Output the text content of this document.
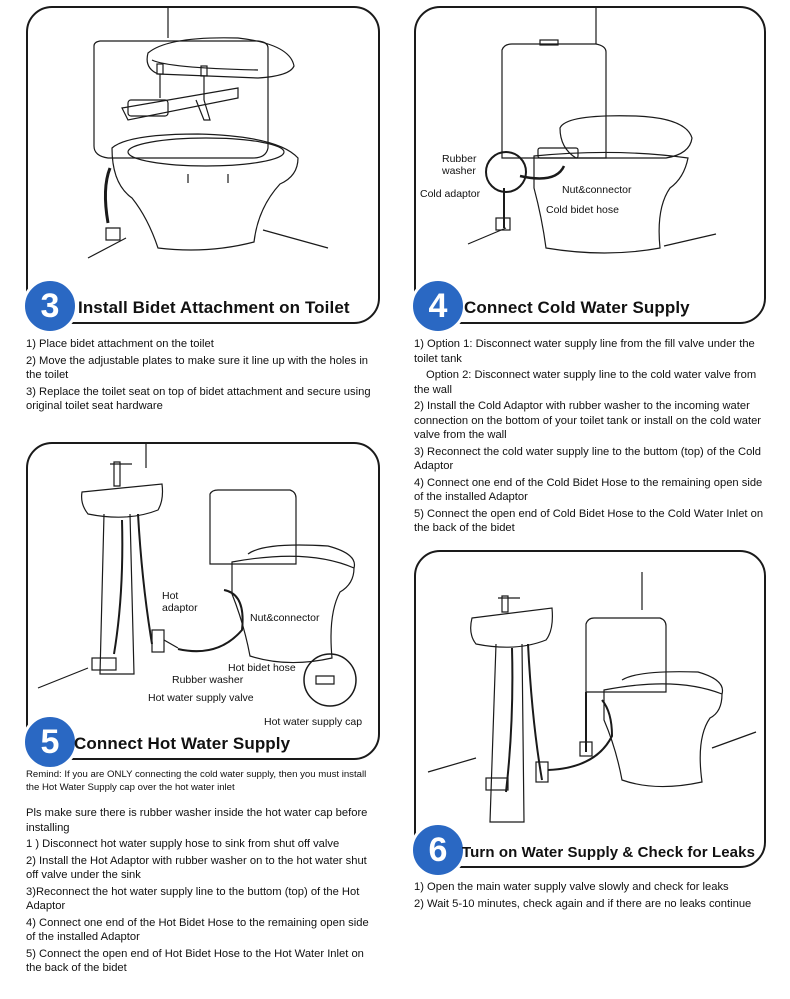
3 Install Bidet Attachment on Toilet

1) Place bidet attachment on the toilet

2) Move the adjustable plates to make sure it line up with the holes in the toilet

3) Replace the toilet seat on top of bidet attachment and secure using original toilet seat hardware

Rubber washer
Cold adaptor	Nut&connector
Cold bidet hose
4 Connect Cold Water Supply

1) Option 1: Disconnect water supply line from the fill valve under the toilet tank

Option 2: Disconnect water supply line to the cold water valve from the wall

2) Install the Cold Adaptor with rubber washer to the incoming water connection on the bottom of your toilet tank or install on the cold water valve from the wall

3) Reconnect the cold water supply line to the buttom (top) of the Cold Adaptor

4) Connect one end of the Cold Bidet Hose to the remaining open side of the installed Adaptor

5) Connect the open end of Cold Bidet Hose to the Cold Water Inlet on the back of the bidet

Hot adaptor
Nut&connector
Hot bidet hose
Rubber washer
Hot water supply valve
Hot water supply cap
5 Connect Hot Water Supply

Remind: If you are ONLY connecting the cold water supply, then you must install the Hot Water Supply cap over the hot water inlet

Pls make sure there is rubber washer inside the hot water cap before installing

1 ) Disconnect hot water supply hose to sink from shut off valve

2) Install the Hot Adaptor with rubber washer on to the hot water shut off valve under the sink

3)Reconnect the hot water supply line to the buttom (top) of the Hot Adaptor

4) Connect one end of the Hot Bidet Hose to the remaining open side of the installed Adaptor

5) Connect the open end of Hot Bidet Hose to the Hot Water Inlet on the back of the bidet

6 Turn on Water Supply & Check for Leaks

1) Open the main water supply valve slowly and check for leaks

2) Wait 5-10 minutes, check again and if there are no leaks continue
